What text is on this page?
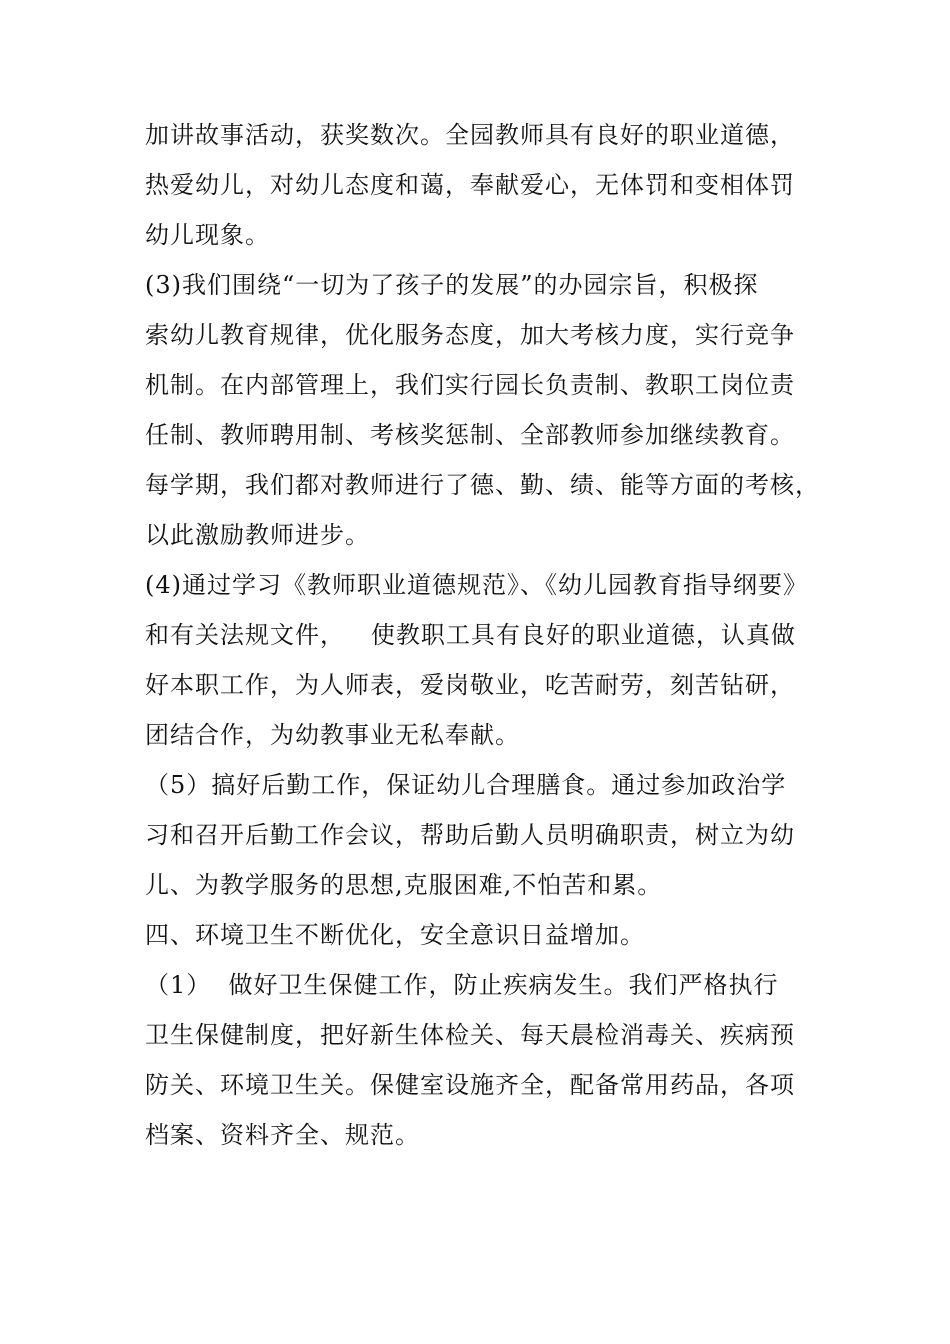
加讲故事活动，获奖数次。全园教师具有良好的职业道德，
热爱幼儿，对幼儿态度和蔼，奉献爱心，无体罚和变相体罚
幼儿现象。
(3)我们围绕“一切为了孩子的发展”的办园宗旨，积极探
索幼儿教育规律，优化服务态度，加大考核力度，实行竞争
机制。在内部管理上，我们实行园长负责制、教职工岗位责
任制、教师聘用制、考核奖惩制、全部教师参加继续教育。
每学期，我们都对教师进行了德、勤、绩、能等方面的考核，
以此激励教师进步。
(4)通过学习《教师职业道德规范》、《幼儿园教育指导纲要》
和有关法规文件，   使教职工具有良好的职业道德，认真做
好本职工作，为人师表，爱岗敬业，吃苦耐劳，刻苦钻研，
团结合作，为幼教事业无私奉献。
（5）搞好后勤工作，保证幼儿合理膳食。通过参加政治学
习和召开后勤工作会议，帮助后勤人员明确职责，树立为幼
儿、为教学服务的思想,克服困难,不怕苦和累。
四、环境卫生不断优化，安全意识日益增加。
（1）  做好卫生保健工作，防止疾病发生。我们严格执行
卫生保健制度，把好新生体检关、每天晨检消毒关、疾病预
防关、环境卫生关。保健室设施齐全，配备常用药品，各项
档案、资料齐全、规范。
